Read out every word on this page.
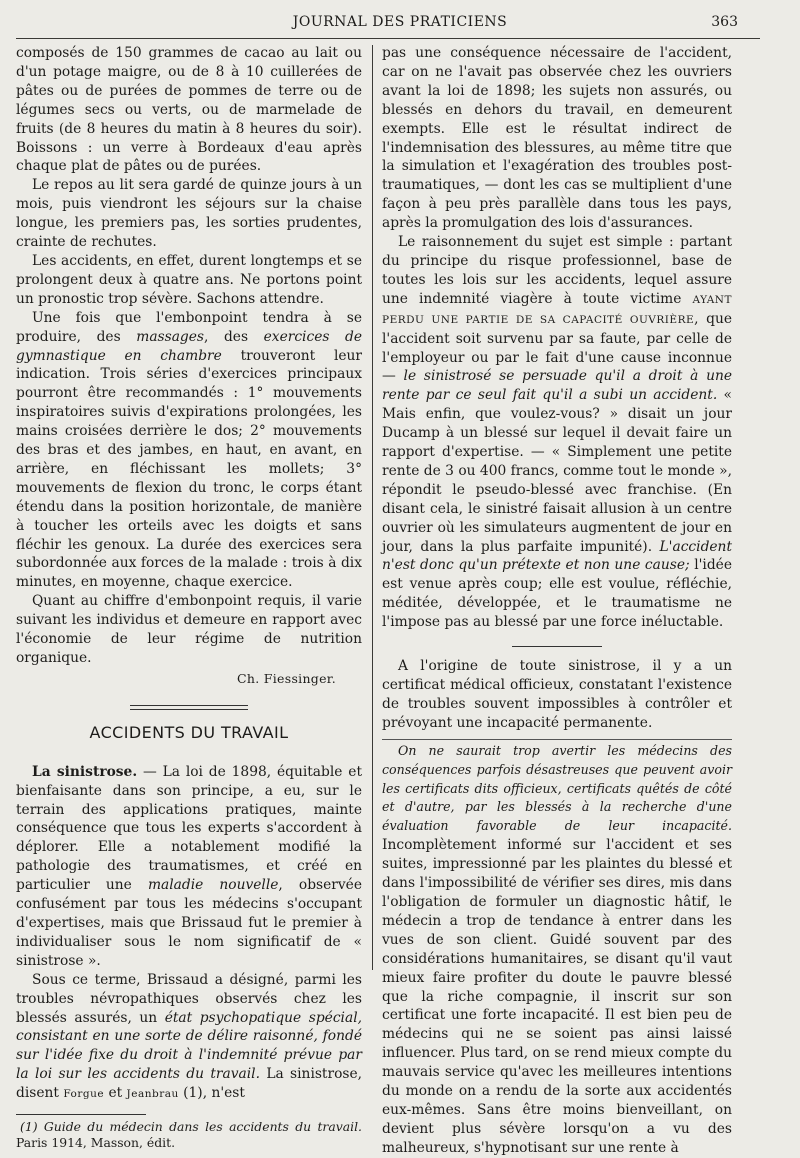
JOURNAL DES PRATICIENS	363

composés de 150 grammes de cacao au lait ou d'un potage maigre, ou de 8 à 10 cuillerées de pâtes ou de purées de pommes de terre ou de légumes secs ou verts, ou de marmelade de fruits (de 8 heures du matin à 8 heures du soir). Boissons : un verre à Bordeaux d'eau après chaque plat de pâtes ou de purées.

Le repos au lit sera gardé de quinze jours à un mois, puis viendront les séjours sur la chaise longue, les premiers pas, les sorties prudentes, crainte de rechutes.

Les accidents, en effet, durent longtemps et se prolongent deux à quatre ans. Ne portons point un pronostic trop sévère. Sachons attendre.

Une fois que l'embonpoint tendra à se produire, des massages, des exercices de gymnastique en chambre trouveront leur indication. Trois séries d'exercices principaux pourront être recommandés : 1° mouvements inspiratoires suivis d'expirations prolongées, les mains croisées derrière le dos; 2° mouvements des bras et des jambes, en haut, en avant, en arrière, en fléchissant les mollets; 3° mouvements de flexion du tronc, le corps étant étendu dans la position horizontale, de manière à toucher les orteils avec les doigts et sans fléchir les genoux. La durée des exercices sera subordonnée aux forces de la malade : trois à dix minutes, en moyenne, chaque exercice.

Quant au chiffre d'embonpoint requis, il varie suivant les individus et demeure en rapport avec l'économie de leur régime de nutrition organique.

Ch. Fiessinger.

ACCIDENTS DU TRAVAIL

La sinistrose. — La loi de 1898, équitable et bienfaisante dans son principe, a eu, sur le terrain des applications pratiques, mainte conséquence que tous les experts s'accordent à déplorer. Elle a notablement modifié la pathologie des traumatismes, et créé en particulier une maladie nouvelle, observée confusément par tous les médecins s'occupant d'expertises, mais que Brissaud fut le premier à individualiser sous le nom significatif de « sinistrose ».

Sous ce terme, Brissaud a désigné, parmi les troubles névropathiques observés chez les blessés assurés, un état psychopatique spécial, consistant en une sorte de délire raisonné, fondé sur l'idée fixe du droit à l'indemnité prévue par la loi sur les accidents du travail. La sinistrose, disent Forgue et Jeanbrau (1), n'est

(1) Guide du médecin dans les accidents du travail. Paris 1914, Masson, édit.

pas une conséquence nécessaire de l'accident, car on ne l'avait pas observée chez les ouvriers avant la loi de 1898; les sujets non assurés, ou blessés en dehors du travail, en demeurent exempts. Elle est le résultat indirect de l'indemnisation des blessures, au même titre que la simulation et l'exagération des troubles post-traumatiques, — dont les cas se multiplient d'une façon à peu près parallèle dans tous les pays, après la promulgation des lois d'assurances.

Le raisonnement du sujet est simple : partant du principe du risque professionnel, base de toutes les lois sur les accidents, lequel assure une indemnité viagère à toute victime AYANT PERDU UNE PARTIE DE SA CAPACITÉ OUVRIÈRE, que l'accident soit survenu par sa faute, par celle de l'employeur ou par le fait d'une cause inconnue — le sinistrosé se persuade qu'il a droit à une rente par ce seul fait qu'il a subi un accident. « Mais enfin, que voulez-vous? » disait un jour Ducamp à un blessé sur lequel il devait faire un rapport d'expertise. — « Simplement une petite rente de 3 ou 400 francs, comme tout le monde », répondit le pseudo-blessé avec franchise. (En disant cela, le sinistré faisait allusion à un centre ouvrier où les simulateurs augmentent de jour en jour, dans la plus parfaite impunité). L'accident n'est donc qu'un prétexte et non une cause; l'idée est venue après coup; elle est voulue, réfléchie, méditée, développée, et le traumatisme ne l'impose pas au blessé par une force inéluctable.

A l'origine de toute sinistrose, il y a un certificat médical officieux, constatant l'existence de troubles souvent impossibles à contrôler et prévoyant une incapacité permanente.

On ne saurait trop avertir les médecins des conséquences parfois désastreuses que peuvent avoir les certificats dits officieux, certificats quêtés de côté et d'autre, par les blessés à la recherche d'une évaluation favorable de leur incapacité. Incomplètement informé sur l'accident et ses suites, impressionné par les plaintes du blessé et dans l'impossibilité de vérifier ses dires, mis dans l'obligation de formuler un diagnostic hâtif, le médecin a trop de tendance à entrer dans les vues de son client. Guidé souvent par des considérations humanitaires, se disant qu'il vaut mieux faire profiter du doute le pauvre blessé que la riche compagnie, il inscrit sur son certificat une forte incapacité. Il est bien peu de médecins qui ne se soient pas ainsi laissé influencer. Plus tard, on se rend mieux compte du mauvais service qu'avec les meilleures intentions du monde on a rendu de la sorte aux accidentés eux-mêmes. Sans être moins bienveillant, on devient plus sévère lorsqu'on a vu des malheureux, s'hypnotisant sur une rente à
